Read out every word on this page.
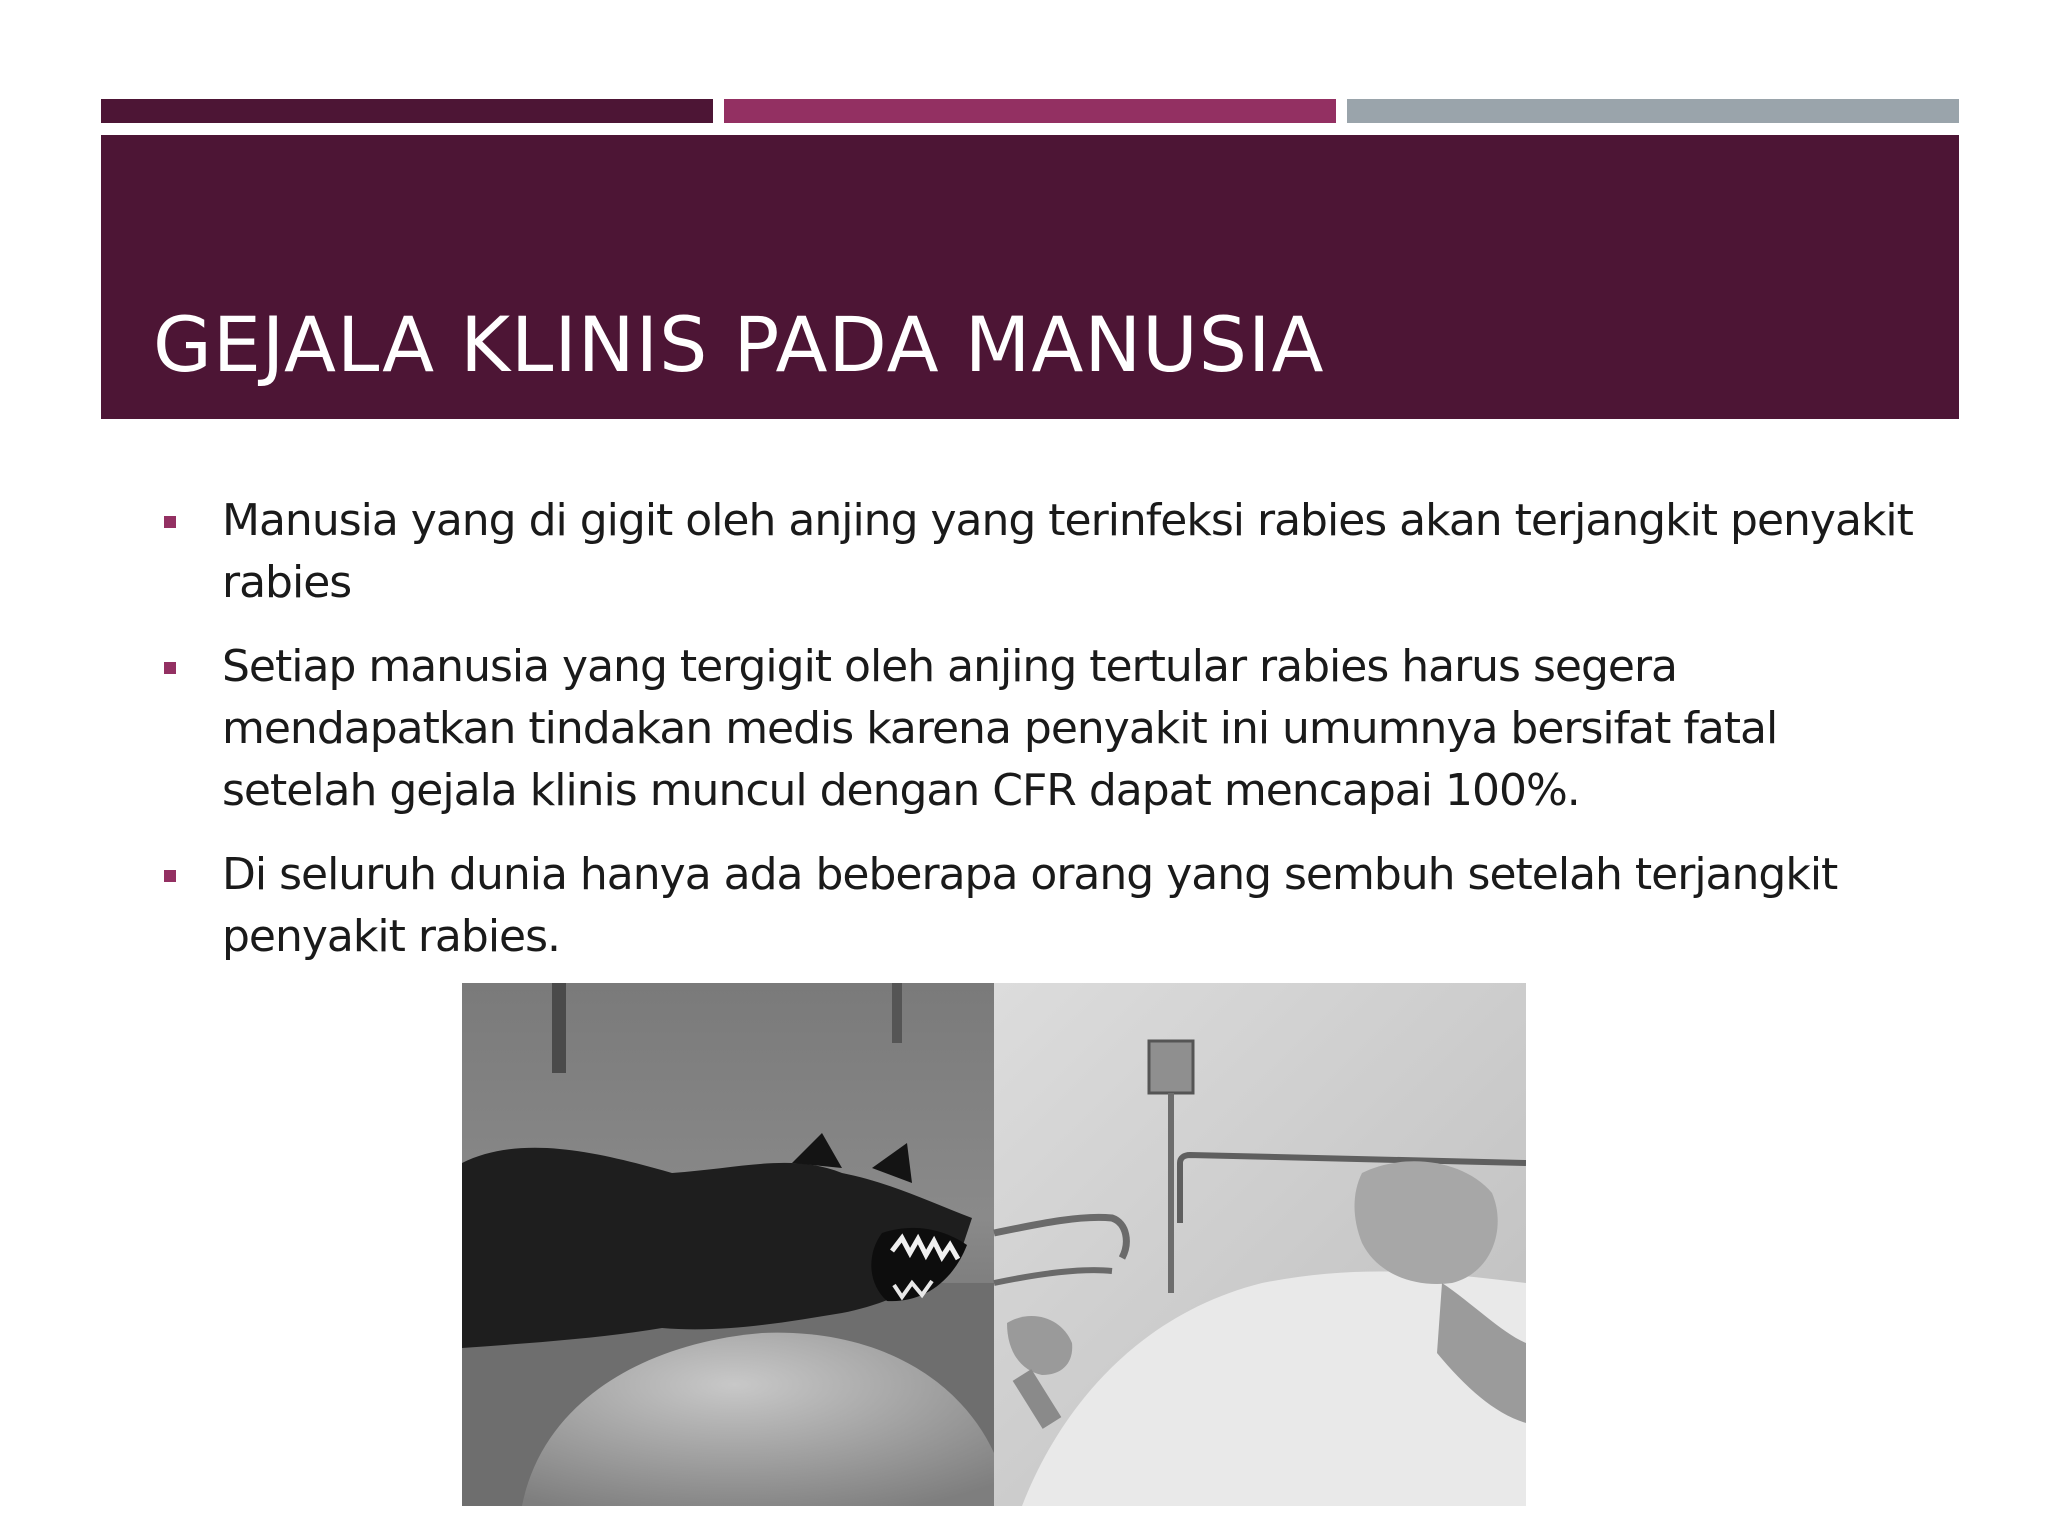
GEJALA KLINIS PADA MANUSIA
Manusia yang di gigit oleh anjing yang terinfeksi rabies akan terjangkit penyakit rabies
Setiap manusia yang tergigit oleh anjing tertular rabies harus segera mendapatkan tindakan medis karena penyakit ini umumnya bersifat fatal setelah gejala klinis muncul dengan CFR dapat mencapai 100%.
Di seluruh dunia hanya ada beberapa orang yang sembuh setelah terjangkit penyakit rabies.
